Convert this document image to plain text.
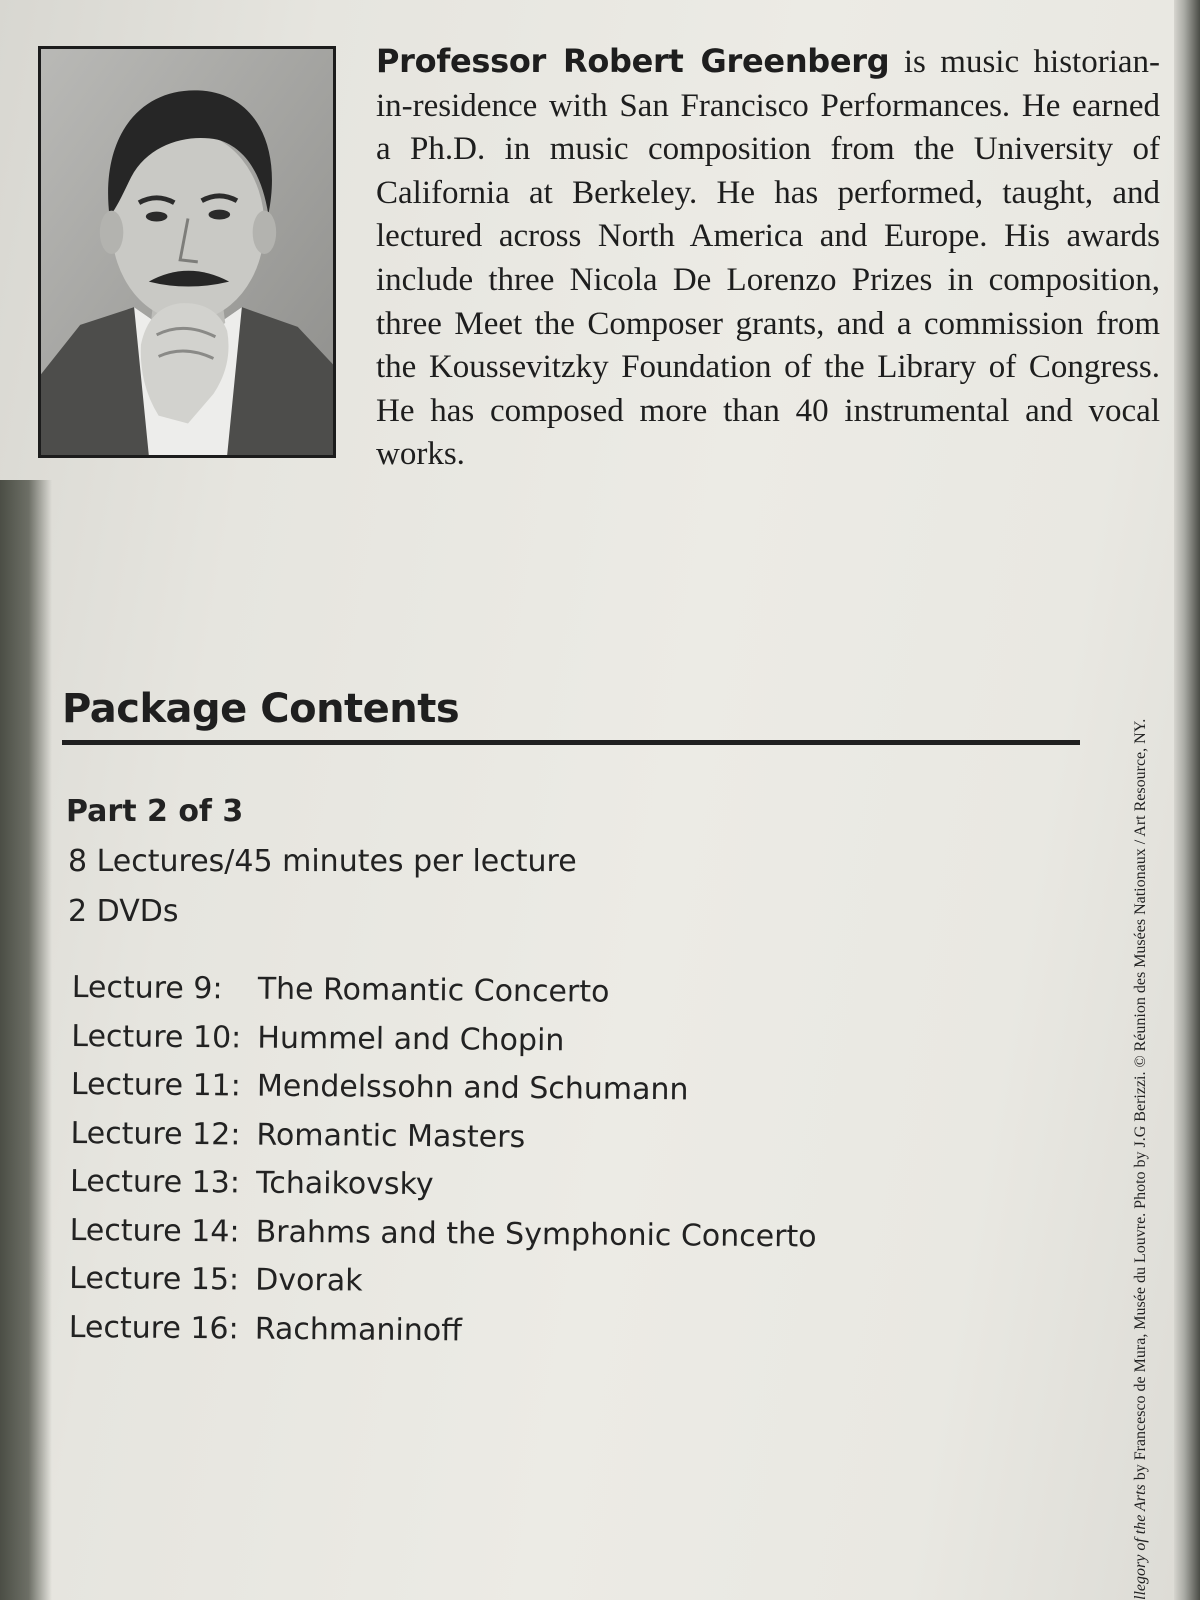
Professor Robert Greenberg is music historian-in-residence with San Francisco Performances. He earned a Ph.D. in music composition from the University of California at Berkeley. He has performed, taught, and lectured across North America and Europe. His awards include three Nicola De Lorenzo Prizes in composition, three Meet the Composer grants, and a commission from the Koussevitzky Foundation of the Library of Congress. He has composed more than 40 instrumental and vocal works.
Package Contents
Part 2 of 3
8 Lectures/45 minutes per lecture
2 DVDs
Lecture 9: The Romantic Concerto
Lecture 10: Hummel and Chopin
Lecture 11: Mendelssohn and Schumann
Lecture 12: Romantic Masters
Lecture 13: Tchaikovsky
Lecture 14: Brahms and the Symphonic Concerto
Lecture 15: Dvorak
Lecture 16: Rachmaninoff
llegory of the Arts by Francesco de Mura, Musée du Louvre. Photo by J.G Berizzi. © Réunion des Musées Nationaux / Art Resource, NY.
